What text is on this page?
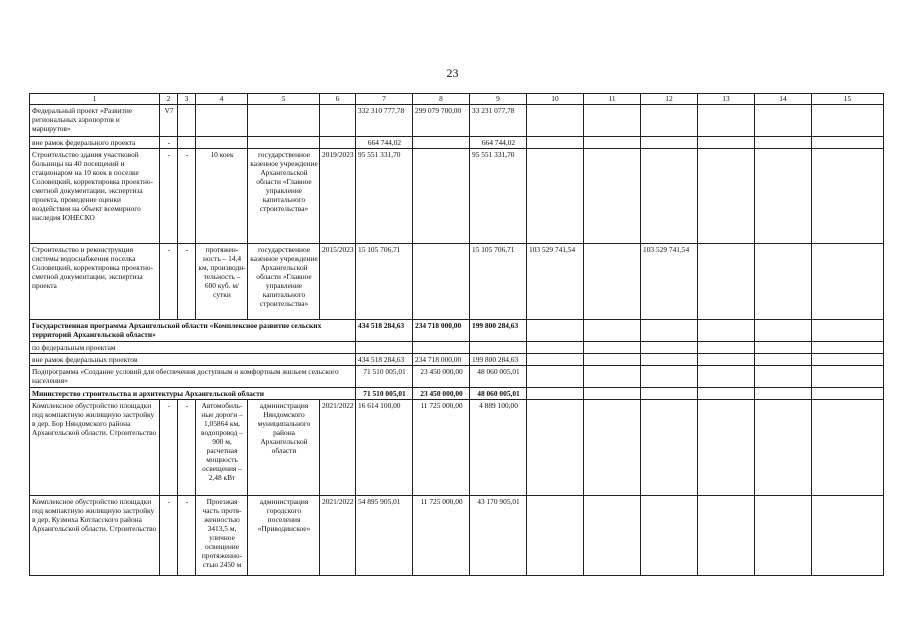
23
1	2	3	4	5	6	7	8	9	10	11	12	13	14	15
Федеральный проект «Развитие региональных аэропортов и маршрутов»	V7					332 310 777,78	299 079 700,00	33 231 077,78						
вне рамок федерального проекта	-					664 744,02		664 744,02						
Строительство здания участковой больницы на 40 посещений и стационаром на 10 коек в поселке Соловецкий, корректировка проектно-сметной документации, экспертиза проекта, проведение оценки воздействия на объект всемирного наследия ЮНЕСКО	-	-	10 коек	государственное казенное учреждение Архангельской области «Главное управление капитального строительства»	2019/2023	95 551 331,70		95 551 331,70						
Строительство и реконструкция системы водоснабжения поселка Соловецкий, корректировка проектно-сметной документации, экспертиза проекта	-	-	протяжен-ность – 14,4 км, производи-тельность – 600 куб. м/сутки	государственное казенное учреждение Архангельской области «Главное управление капитального строительства»	2015/2023	15 105 706,71		15 105 706,71	103 529 741,54		103 529 741,54			
Государственная программа Архангельской области «Комплексное развитие сельских территорий Архангельской области»						434 518 284,63	234 718 000,00	199 800 284,63						
по федеральным проектам														
вне рамок федеральных проектов						434 518 284,63	234 718 000,00	199 800 284,63						
Подпрограмма «Создание условий для обеспечения доступным и комфортным жильем сельского населения»						71 510 005,01	23 450 000,00	48 060 005,01						
Министерство строительства и архитектуры Архангельской области						71 510 005,01	23 450 000,00	48 060 005,01						
Комплексное обустройство площадки под компактную жилищную застройку в дер. Бор Няндомского района Архангельской области. Строительство	-	-	Автомобиль-ные дороги – 1,05864 км, водопровод – 900 м, расчетная мощность освещения – 2,48 кВт	администрация Няндомского муниципального района Архангельской области	2021/2022	16 614 100,00	11 725 000,00	4 889 100,00						
Комплексное обустройство площадки под компактную жилищную застройку в дер. Кузмиха Котласского района Архангельской области. Строительство	-	-	Проезжая часть протя-женностью 3413,5 м, уличное освещение протяженно-стью 2450 м	администрация городского поселения «Приводинское»	2021/2022	54 895 905,01	11 725 000,00	43 170 905,01						
